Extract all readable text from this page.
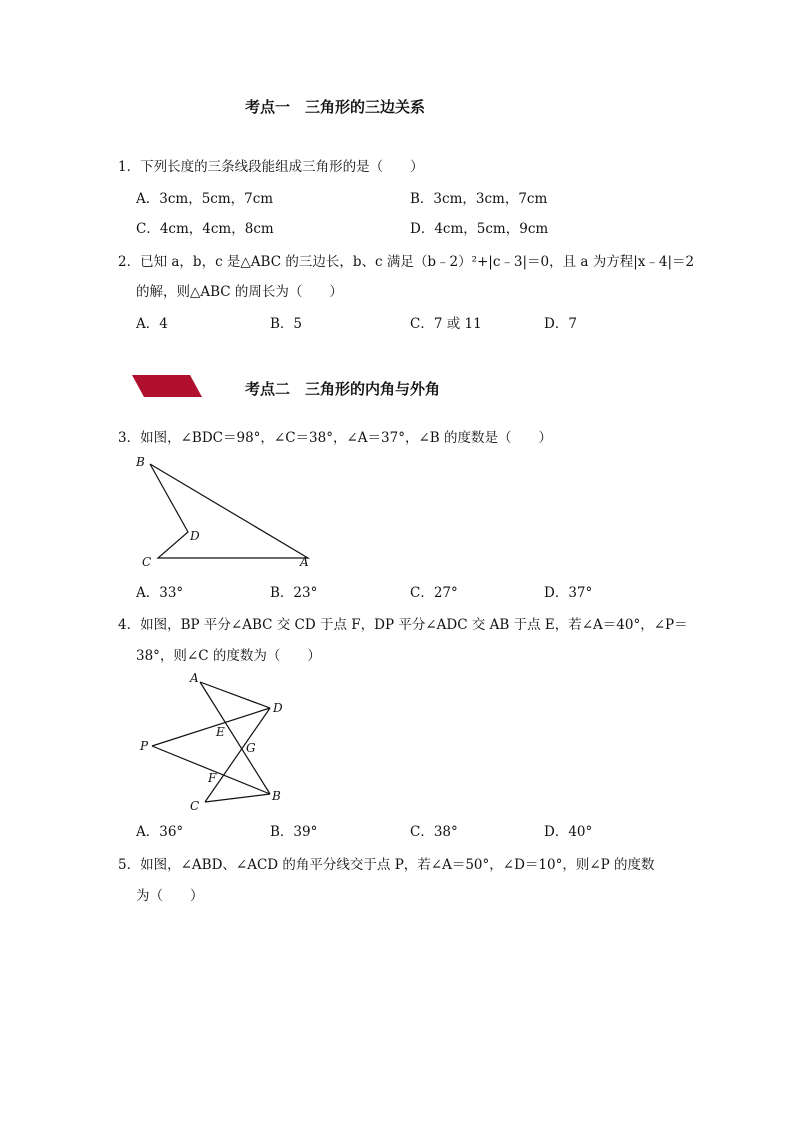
考点一　三角形的三边关系
1．下列长度的三条线段能组成三角形的是（　　）
A．3cm，5cm，7cm	B．3cm，3cm，7cm
C．4cm，4cm，8cm	D．4cm，5cm，9cm
2．已知 a，b，c 是△ABC 的三边长，b、c 满足（b﹣2）²+|c﹣3|＝0，且 a 为方程|x﹣4|＝2
的解，则△ABC 的周长为（　　）
A．4	B．5	C．7 或 11	D．7
考点二　三角形的内角与外角
3．如图，∠BDC＝98°，∠C＝38°，∠A＝37°，∠B 的度数是（　　）
B
D
C	A
A．33°	B．23°	C．27°	D．37°
4．如图，BP 平分∠ABC 交 CD 于点 F，DP 平分∠ADC 交 AB 于点 E，若∠A＝40°，∠P＝
38°，则∠C 的度数为（　　）
A
D
E
G
P
F
C
B
A．36°	B．39°	C．38°	D．40°
5．如图，∠ABD、∠ACD 的角平分线交于点 P，若∠A＝50°，∠D＝10°，则∠P 的度数
为（　　）
